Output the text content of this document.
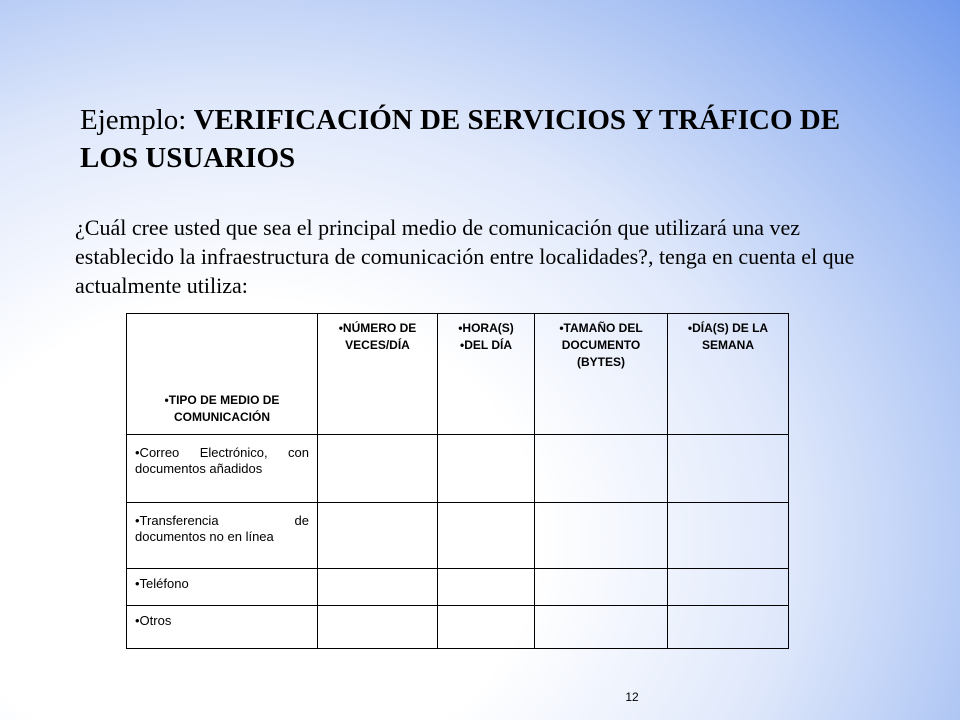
Ejemplo: VERIFICACIÓN DE SERVICIOS Y TRÁFICO DE LOS USUARIOS

¿Cuál cree usted que sea el principal medio de comunicación que utilizará una vez establecido la infraestructura de comunicación entre localidades?, tenga en cuenta el que actualmente utiliza:

•TIPO DE MEDIO DE COMUNICACIÓN	•NÚMERO DE VECES/DÍA	•HORA(S) •DEL DÍA	•TAMAÑO DEL DOCUMENTO (BYTES)	•DÍA(S) DE LA SEMANA
•Correo Electrónico, con documentos añadidos				
•Transferencia de documentos no en línea				
•Teléfono				
•Otros				
12
